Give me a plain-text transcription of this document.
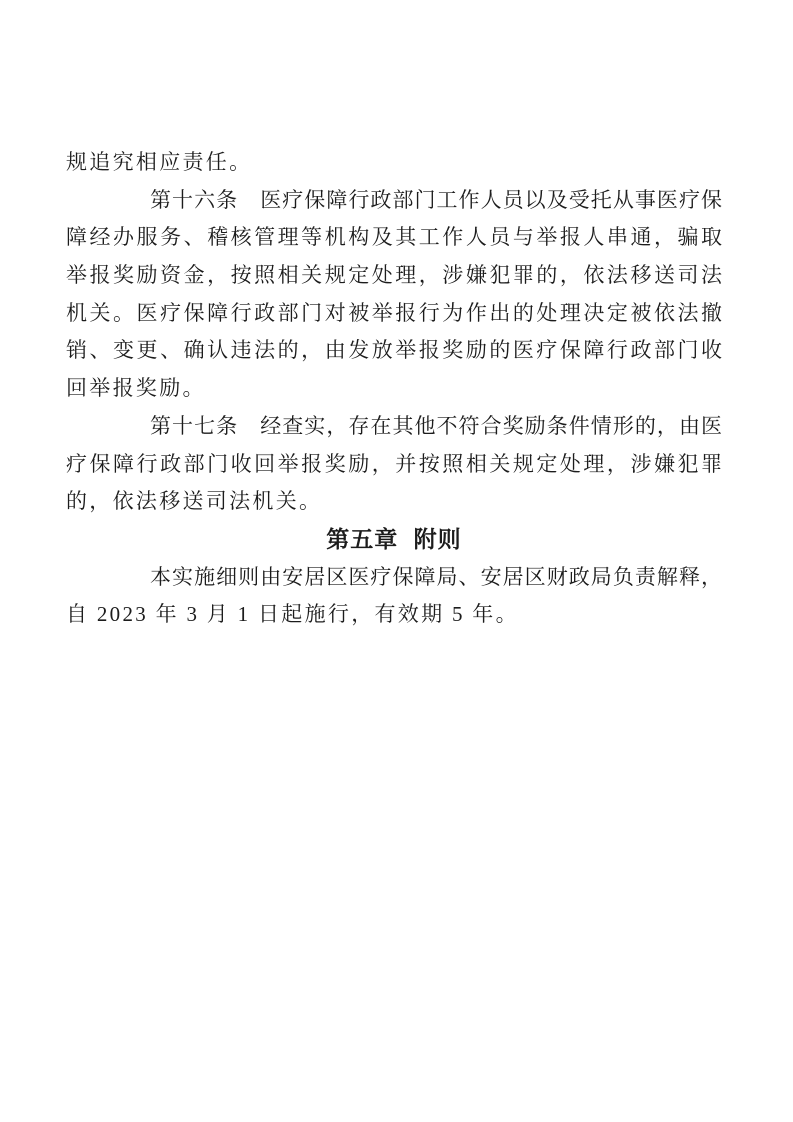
规追究相应责任。
第十六条　医疗保障行政部门工作人员以及受托从事医疗保
障经办服务、稽核管理等机构及其工作人员与举报人串通，骗取
举报奖励资金，按照相关规定处理，涉嫌犯罪的，依法移送司法
机关。医疗保障行政部门对被举报行为作出的处理决定被依法撤
销、变更、确认违法的，由发放举报奖励的医疗保障行政部门收
回举报奖励。
第十七条　经查实，存在其他不符合奖励条件情形的，由医
疗保障行政部门收回举报奖励，并按照相关规定处理，涉嫌犯罪
的，依法移送司法机关。
第五章 附则
本实施细则由安居区医疗保障局、安居区财政局负责解释，
自 2023 年 3 月 1 日起施行，有效期 5 年。
